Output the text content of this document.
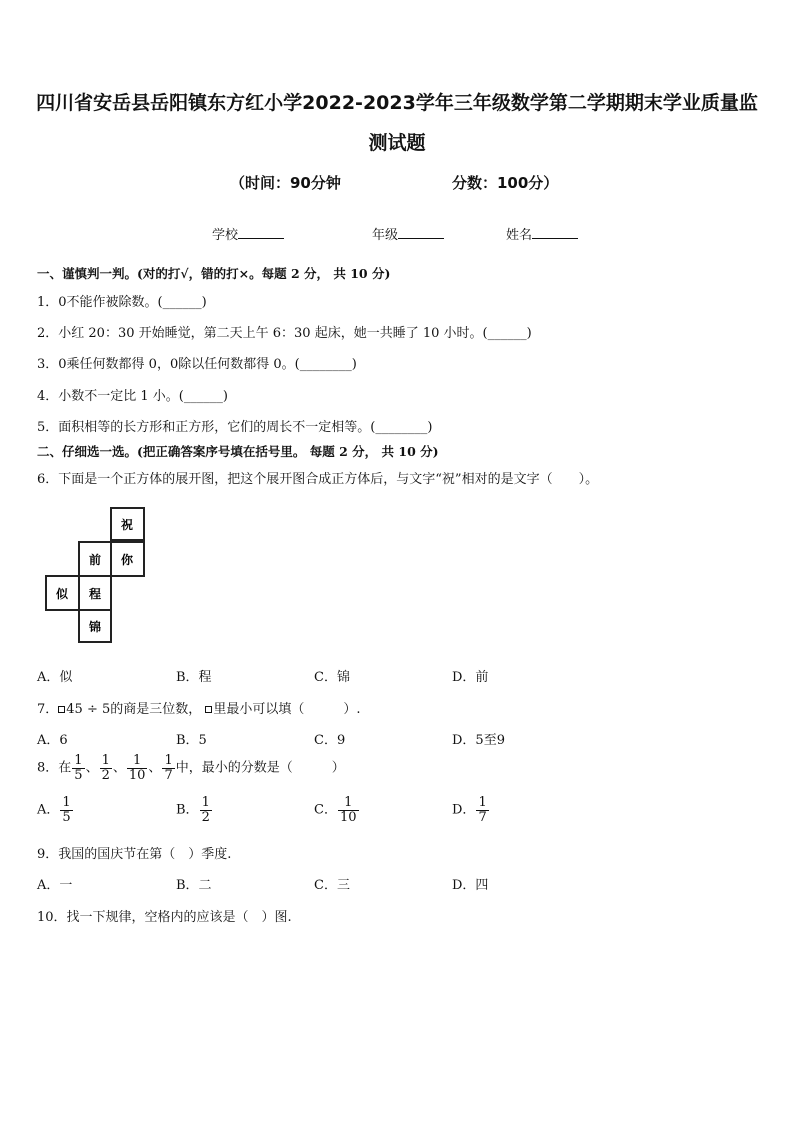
四川省安岳县岳阳镇东方红小学2022-2023学年三年级数学第二学期期末学业质量监
测试题
（时间：90分钟	分数：100分）
学校	年级	姓名
一、谨慎判一判。(对的打√，错的打×。每题 2 分， 共 10 分)
1．0不能作被除数。(______)
2．小红 20：30 开始睡觉，第二天上午 6：30 起床，她一共睡了 10 小时。(______)
3．0乘任何数都得 0，0除以任何数都得 0。(________)
4．小数不一定比 1 小。(______)
5．面积相等的长方形和正方形，它们的周长不一定相等。(________)
二、仔细选一选。(把正确答案序号填在括号里。 每题 2 分， 共 10 分)
6．下面是一个正方体的展开图，把这个展开图合成正方体后，与文字“祝”相对的是文字（　　）。
祝
前 你
似 程
锦
A．似	B．程	C．锦	D．前
7． 45 ÷ 5的商是三位数， 里最小可以填（　　　）.
A．6	B．5	C．9	D．5至9
8．在 $\frac{1}{5}$ 、 $\frac{1}{2}$ 、 $\frac{1}{10}$ 、 $\frac{1}{7}$ 中，最小的分数是（　　　）
A． $\frac{1}{5}$	B． $\frac{1}{2}$	C． $\frac{1}{10}$	D． $\frac{1}{7}$
9．我国的国庆节在第（　）季度.
A．一	B．二	C．三	D．四
10．找一下规律，空格内的应该是（　）图.
